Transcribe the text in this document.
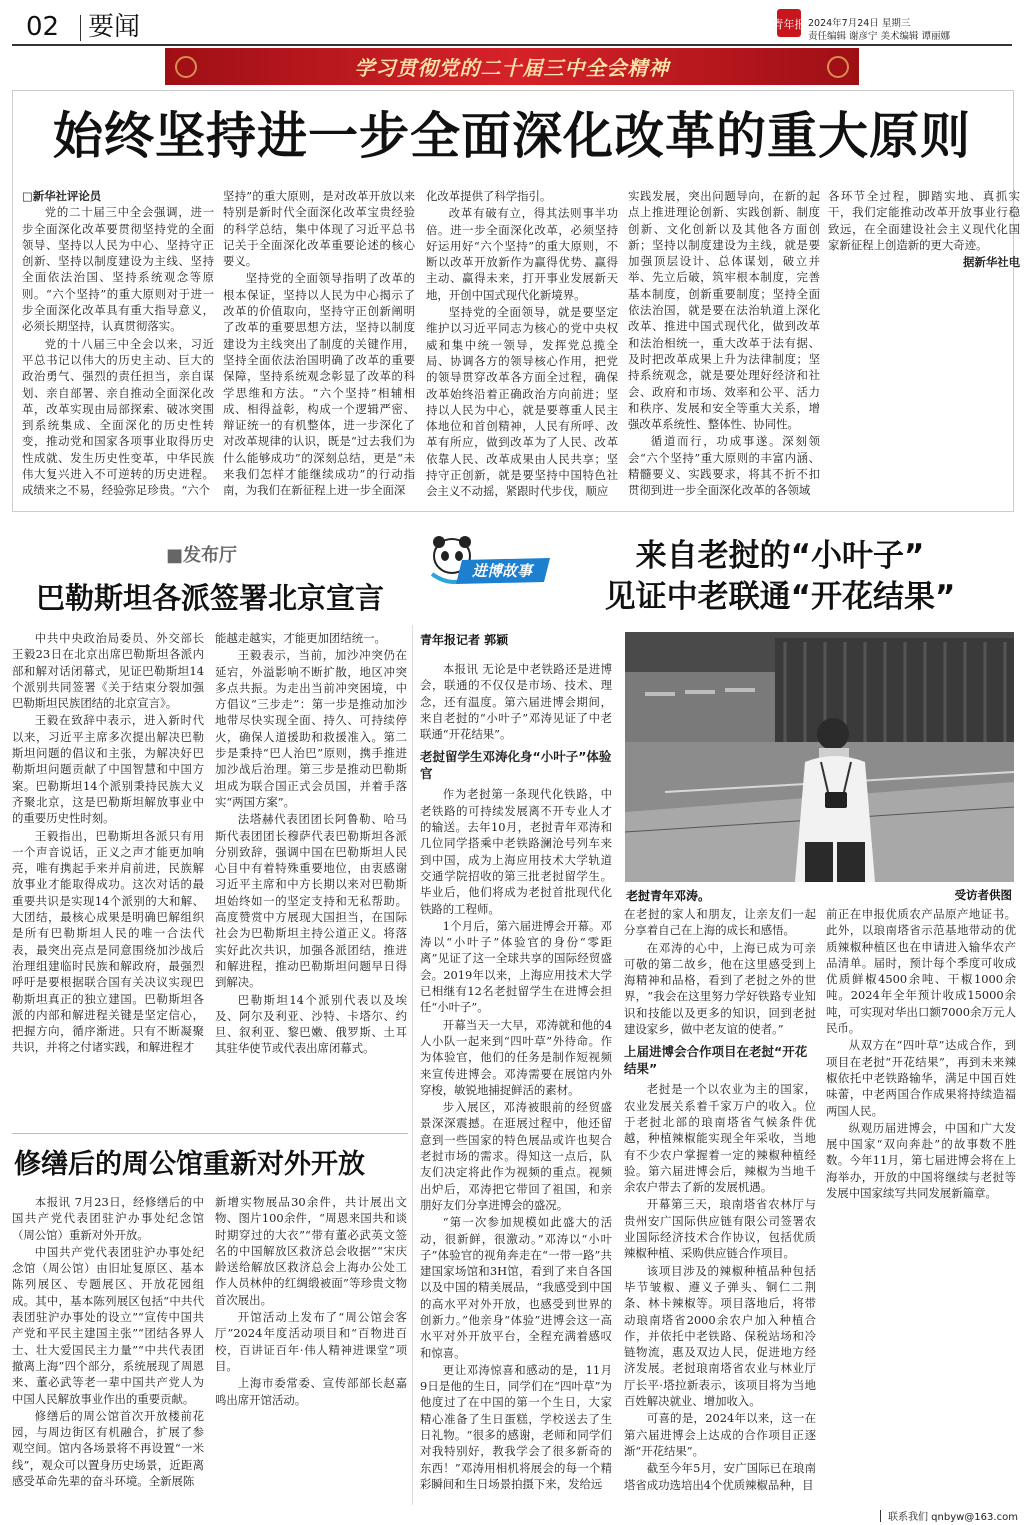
02 要闻	青年报 2024年7月24日 星期三
责任编辑 谢彦宁 美术编辑 谭丽娜
学习贯彻党的二十届三中全会精神
始终坚持进一步全面深化改革的重大原则
□新华社评论员
党的二十届三中全会强调，进一步全面深化改革要贯彻坚持党的全面领导、坚持以人民为中心、坚持守正创新、坚持以制度建设为主线、坚持全面依法治国、坚持系统观念等原则。“六个坚持”的重大原则对于进一步全面深化改革具有重大指导意义，必须长期坚持，认真贯彻落实。
党的十八届三中全会以来，习近平总书记以伟大的历史主动、巨大的政治勇气、强烈的责任担当，亲自谋划、亲自部署、亲自推动全面深化改革，改革实现由局部探索、破冰突围到系统集成、全面深化的历史性转变，推动党和国家各项事业取得历史性成就、发生历史性变革，中华民族伟大复兴进入不可逆转的历史进程。成绩来之不易，经验弥足珍贵。“六个
■发布厅
巴勒斯坦各派签署北京宣言
中共中央政治局委员、外交部长王毅23日在北京出席巴勒斯坦各派内部和解对话闭幕式，见证巴勒斯坦14个派别共同签署《关于结束分裂加强巴勒斯坦民族团结的北京宣言》。
王毅在致辞中表示，进入新时代以来，习近平主席多次提出解决巴勒斯坦问题的倡议和主张，为解决好巴勒斯坦问题贡献了中国智慧和中国方案。巴勒斯坦14个派别秉持民族大义齐聚北京，这是巴勒斯坦解放事业中的重要历史性时刻。
王毅指出，巴勒斯坦各派只有用一个声音说话，正义之声才能更加响亮，唯有携起手来并肩前进，民族解放事业才能取得成功。这次对话的最重要共识是实现14个派别的大和解、大团结，最核心成果是明确巴解组织是所有巴勒斯坦人民的唯一合法代表，最突出亮点是同意围绕加沙战后治理组建临时民族和解政府，最强烈呼吁是要根据联合国有关决议实现巴勒斯坦真正的独立建国。巴勒斯坦各派的内部和解进程关键是坚定信心，把握方向，循序渐进。只有不断凝聚共识，并将之付诸实践，和解进程才
能越走越实，才能更加团结统一。
王毅表示，当前，加沙冲突仍在延宕，外溢影响不断扩散，地区冲突多点共振。为走出当前冲突困境，中方倡议“三步走”：第一步是推动加沙地带尽快实现全面、持久、可持续停火，确保人道援助和救援准入。第二步是秉持“巴人治巴”原则，携手推进加沙战后治理。第三步是推动巴勒斯坦成为联合国正式会员国，并着手落实“两国方案”。
法塔赫代表团团长阿鲁勒、哈马斯代表团团长穆萨代表巴勒斯坦各派分别致辞，强调中国在巴勒斯坦人民心目中有着特殊重要地位，由衷感谢习近平主席和中方长期以来对巴勒斯坦始终如一的坚定支持和无私帮助。高度赞赏中方展现大国担当，在国际社会为巴勒斯坦主持公道正义。将落实好此次共识，加强各派团结，推进和解进程，推动巴勒斯坦问题早日得到解决。
巴勒斯坦14个派别代表以及埃及、阿尔及利亚、沙特、卡塔尔、约旦、叙利亚、黎巴嫩、俄罗斯、土耳其驻华使节或代表出席闭幕式。
修缮后的周公馆重新对外开放
本报讯 7月23日，经修缮后的中国共产党代表团驻沪办事处纪念馆（周公馆）重新对外开放。
中国共产党代表团驻沪办事处纪念馆（周公馆）由旧址复原区、基本陈列展区、专题展区、开放花园组成。其中，基本陈列展区包括“中共代表团驻沪办事处的设立”“宣传中国共产党和平民主建国主张”“团结各界人士、壮大爱国民主力量”“中共代表团撤离上海”四个部分，系统展现了周恩来、董必武等老一辈中国共产党人为中国人民解放事业作出的重要贡献。
修缮后的周公馆首次开放楼前花园，与周边街区有机融合，扩展了参观空间。馆内各场景将不再设置“一米线”，观众可以置身历史场景，近距离感受革命先辈的奋斗环境。全新展陈
新增实物展品30余件，共计展出文物、图片100余件，“周恩来国共和谈时期穿过的大衣”“带有董必武英文签名的中国解放区救济总会收据”“宋庆龄送给解放区救济总会上海办公处工作人员林仲的红绸缎被面”等珍贵文物首次展出。
开馆活动上发布了“周公馆会客厅”2024年度活动项目和“百物进百校，百讲证百年·伟人精神进课堂”项目。
上海市委常委、宣传部部长赵嘉鸣出席开馆活动。
进博故事	来自老挝的“小叶子”
见证中老联通“开花结果”
老挝青年邓涛。	受访者供图
青年报记者 郭颖
本报讯 无论是中老铁路还是进博会，联通的不仅仅是市场、技术、理念，还有温度。第六届进博会期间，来自老挝的“小叶子”邓涛见证了中老联通“开花结果”。
老挝留学生邓涛化身“小叶子”体验官
作为老挝第一条现代化铁路，中老铁路的可持续发展离不开专业人才的输送。去年10月，老挝青年邓涛和几位同学搭乘中老铁路澜沧号列车来到中国，成为上海应用技术大学轨道交通学院招收的第三批老挝留学生。毕业后，他们将成为老挝首批现代化铁路的工程师。
1个月后，第六届进博会开幕。邓涛以“小叶子”体验官的身份“零距离”见证了这一全球共享的国际经贸盛会。2019年以来，上海应用技术大学已相继有12名老挝留学生在进博会担任“小叶子”。
开幕当天一大早，邓涛就和他的4人小队一起来到“四叶草”外待命。作为体验官，他们的任务是制作短视频来宣传进博会。邓涛需要在展馆内外穿梭，敏锐地捕捉鲜活的素材。
步入展区，邓涛被眼前的经贸盛景深深震撼。在逛展过程中，他还留意到一些国家的特色展品或许也契合老挝市场的需求。得知这一点后，队友们决定将此作为视频的重点。视频出炉后，邓涛把它带回了祖国，和亲朋好友们分享进博会的盛况。
“第一次参加规模如此盛大的活动，很新鲜，很激动。”邓涛以“小叶子”体验官的视角奔走在“一带一路”共建国家场馆和3H馆，看到了来自各国以及中国的精美展品，“我感受到中国的高水平对外开放，也感受到世界的创新力。”他亲身“体验”进博会这一高水平对外开放平台，全程充满着感叹和惊喜。
更让邓涛惊喜和感动的是，11月9日是他的生日，同学们在“四叶草”为他度过了在中国的第一个生日，大家精心准备了生日蛋糕，学校送去了生日礼物。“很多的感谢，老师和同学们对我特别好，教我学会了很多新奇的东西！”邓涛用相机将展会的每一个精彩瞬间和生日场景拍摄下来，发给远
在老挝的家人和朋友，让亲友们一起分享着自己在上海的成长和感悟。
在邓涛的心中，上海已成为可亲可敬的第二故乡，他在这里感受到上海精神和品格，看到了老挝之外的世界，“我会在这里努力学好铁路专业知识和技能以及更多的知识，回到老挝建设家乡，做中老友谊的使者。”
上届进博会合作项目在老挝“开花结果”
老挝是一个以农业为主的国家，农业发展关系着千家万户的收入。位于老挝北部的琅南塔省气候条件优越，种植辣椒能实现全年采收，当地有不少农户掌握着一定的辣椒种植经验。第六届进博会后，辣椒为当地千余农户带去了新的发展机遇。
开幕第三天，琅南塔省农林厅与贵州安广国际供应链有限公司签署农业国际经济技术合作协议，包括优质辣椒种植、采购供应链合作项目。
该项目涉及的辣椒种植品种包括毕节皱椒、遵义子弹头、铜仁二荆条、林卡辣椒等。项目落地后，将带动琅南塔省2000余农户加入种植合作，并依托中老铁路、保税站场和冷链物流，惠及双边人民，促进地方经济发展。老挝琅南塔省农业与林业厅厅长平·塔拉新表示，该项目将为当地百姓解决就业、增加收入。
可喜的是，2024年以来，这一在第六届进博会上达成的合作项目正逐渐“开花结果”。
截至今年5月，安广国际已在琅南塔省成功选培出4个优质辣椒品种，目
前正在申报优质农产品原产地证书。此外，以琅南塔省示范基地带动的优质辣椒种植区也在申请进入输华农产品清单。届时，预计每个季度可收成优质鲜椒4500余吨、干椒1000余吨。2024年全年预计收成15000余吨，可实现对华出口额7000余万元人民币。
从双方在“四叶草”达成合作，到项目在老挝“开花结果”，再到未来辣椒依托中老铁路输华，满足中国百姓味蕾，中老两国合作成果将持续造福两国人民。
纵观历届进博会，中国和广大发展中国家“双向奔赴”的故事数不胜数。今年11月，第七届进博会将在上海举办，开放的中国将继续与老挝等发展中国家续写共同发展新篇章。
联系我们 qnbyw@163.com
坚持”的重大原则，是对改革开放以来特别是新时代全面深化改革宝贵经验的科学总结，集中体现了习近平总书记关于全面深化改革重要论述的核心要义。
坚持党的全面领导指明了改革的根本保证，坚持以人民为中心揭示了改革的价值取向，坚持守正创新阐明了改革的重要思想方法，坚持以制度建设为主线突出了制度的关键作用，坚持全面依法治国明确了改革的重要保障，坚持系统观念彰显了改革的科学思维和方法。“六个坚持”相辅相成、相得益彰，构成一个逻辑严密、辩证统一的有机整体，进一步深化了对改革规律的认识，既是“过去我们为什么能够成功”的深刻总结，更是“未来我们怎样才能继续成功”的行动指南，为我们在新征程上进一步全面深
化改革提供了科学指引。
改革有破有立，得其法则事半功倍。进一步全面深化改革，必须坚持好运用好“六个坚持”的重大原则，不断以改革开放新作为赢得优势、赢得主动、赢得未来，打开事业发展新天地，开创中国式现代化新境界。
坚持党的全面领导，就是要坚定维护以习近平同志为核心的党中央权威和集中统一领导，发挥党总揽全局、协调各方的领导核心作用，把党的领导贯穿改革各方面全过程，确保改革始终沿着正确政治方向前进；坚持以人民为中心，就是要尊重人民主体地位和首创精神，人民有所呼、改革有所应，做到改革为了人民、改革依靠人民、改革成果由人民共享；坚持守正创新，就是要坚持中国特色社会主义不动摇，紧跟时代步伐，顺应
实践发展，突出问题导向，在新的起点上推进理论创新、实践创新、制度创新、文化创新以及其他各方面创新；坚持以制度建设为主线，就是要加强顶层设计、总体谋划，破立并举、先立后破，筑牢根本制度，完善基本制度，创新重要制度；坚持全面依法治国，就是要在法治轨道上深化改革、推进中国式现代化，做到改革和法治相统一，重大改革于法有据、及时把改革成果上升为法律制度；坚持系统观念，就是要处理好经济和社会、政府和市场、效率和公平、活力和秩序、发展和安全等重大关系，增强改革系统性、整体性、协同性。
循道而行，功成事遂。深刻领会“六个坚持”重大原则的丰富内涵、精髓要义、实践要求，将其不折不扣贯彻到进一步全面深化改革的各领域
各环节全过程，脚踏实地、真抓实干，我们定能推动改革开放事业行稳致远，在全面建设社会主义现代化国家新征程上创造新的更大奇迹。
据新华社电
